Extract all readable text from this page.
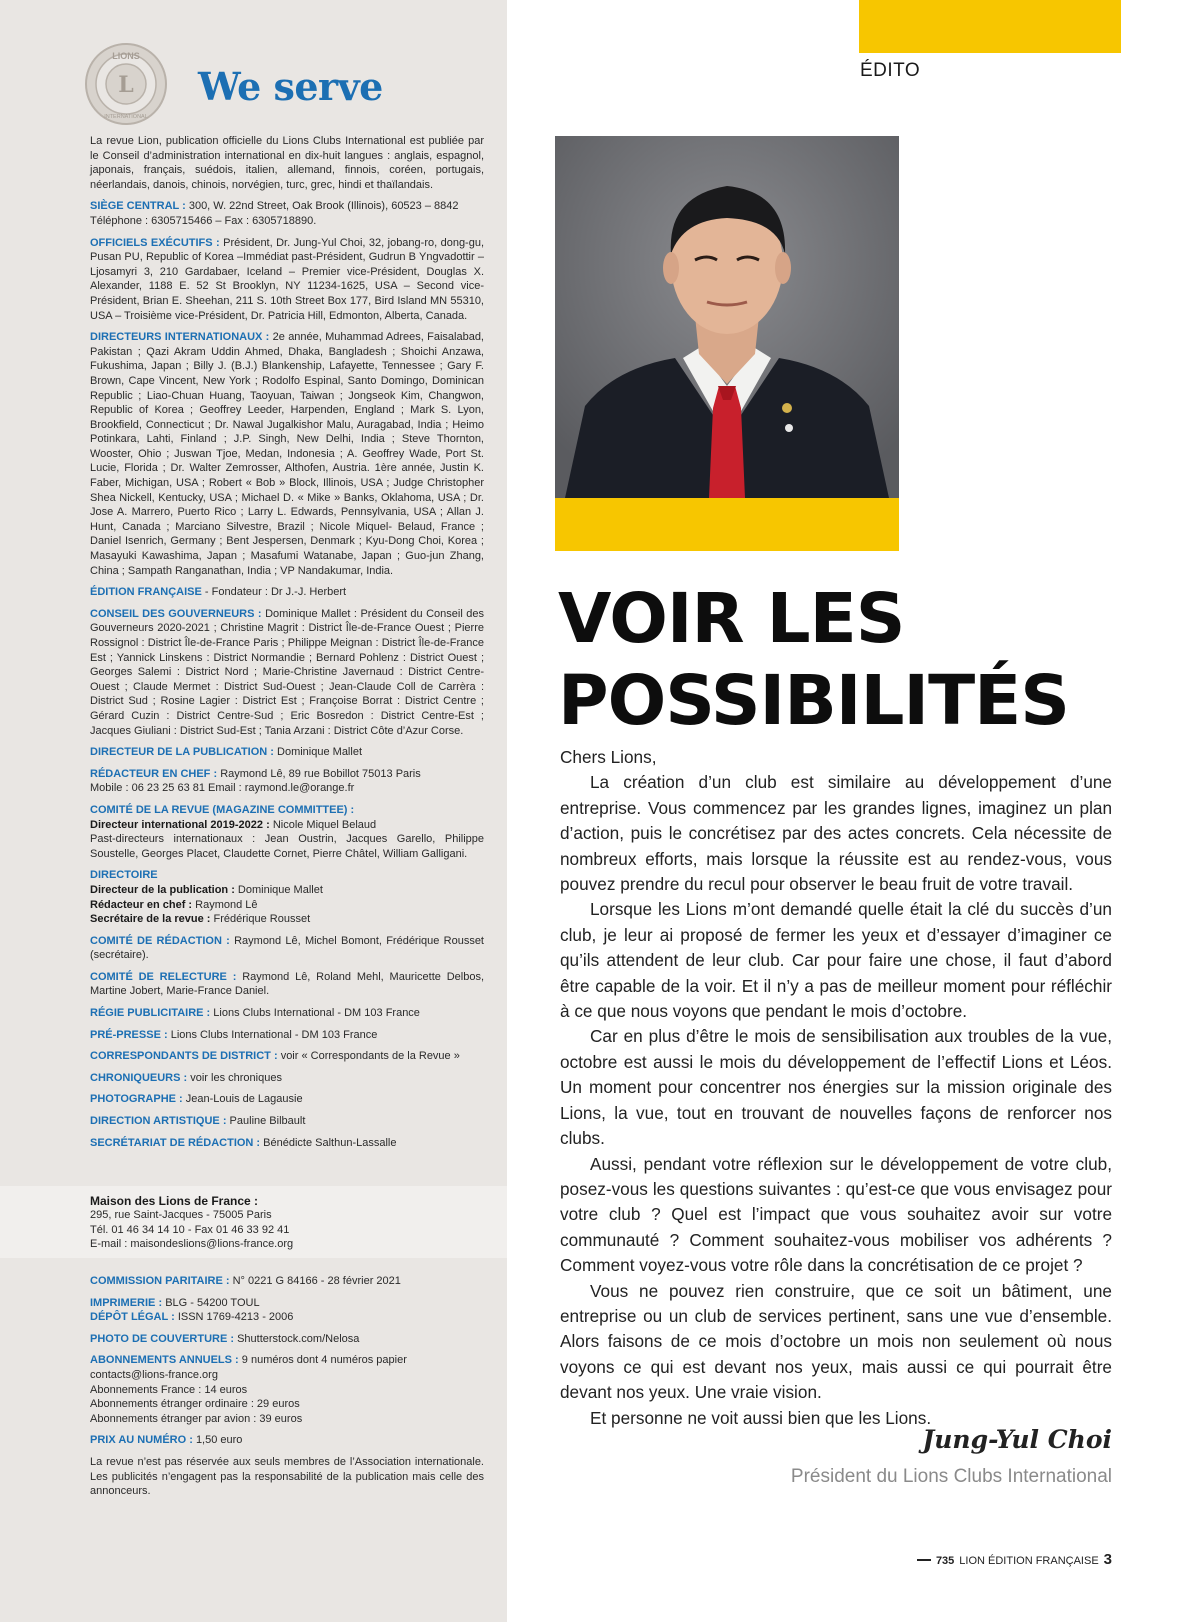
LIONS
L
INTERNATIONAL
We serve

La revue Lion, publication officielle du Lions Clubs International est publiée par le Conseil d’administration international en dix-huit langues : anglais, espagnol, japonais, français, suédois, italien, allemand, finnois, coréen, portugais, néerlandais, danois, chinois, norvégien, turc, grec, hindi et thaïlandais.

SIÈGE CENTRAL : 300, W. 22nd Street, Oak Brook (Illinois), 60523 – 8842
Téléphone : 6305715466 – Fax : 6305718890.

OFFICIELS EXÉCUTIFS : Président, Dr. Jung-Yul Choi, 32, jobang-ro, dong-gu, Pusan PU, Republic of Korea –Immédiat past-Président, Gudrun B Yngvadottir – Ljosamyri 3, 210 Gardabaer, Iceland – Premier vice-Président, Douglas X. Alexander, 1188 E. 52 St Brooklyn, NY 11234-1625, USA – Second vice-Président, Brian E. Sheehan, 211 S. 10th Street Box 177, Bird Island MN 55310, USA – Troisième vice-Président, Dr. Patricia Hill, Edmonton, Alberta, Canada.

DIRECTEURS INTERNATIONAUX : 2e année, Muhammad Adrees, Faisalabad, Pakistan ; Qazi Akram Uddin Ahmed, Dhaka, Bangladesh ; Shoichi Anzawa, Fukushima, Japan ; Billy J. (B.J.) Blankenship, Lafayette, Tennessee ; Gary F. Brown, Cape Vincent, New York ; Rodolfo Espinal, Santo Domingo, Dominican Republic ; Liao-Chuan Huang, Taoyuan, Taiwan ; Jongseok Kim, Changwon, Republic of Korea ; Geoffrey Leeder, Harpenden, England ; Mark S. Lyon, Brookfield, Connecticut ; Dr. Nawal Jugalkishor Malu, Auragabad, India ; Heimo Potinkara, Lahti, Finland ; J.P. Singh, New Delhi, India ; Steve Thornton, Wooster, Ohio ; Juswan Tjoe, Medan, Indonesia ; A. Geoffrey Wade, Port St. Lucie, Florida ; Dr. Walter Zemrosser, Althofen, Austria. 1ère année, Justin K. Faber, Michigan, USA ; Robert « Bob » Block, Illinois, USA ; Judge Christopher Shea Nickell, Kentucky, USA ; Michael D. « Mike » Banks, Oklahoma, USA ; Dr. Jose A. Marrero, Puerto Rico ; Larry L. Edwards, Pennsylvania, USA ; Allan J. Hunt, Canada ; Marciano Silvestre, Brazil ; Nicole Miquel- Belaud, France ; Daniel Isenrich, Germany ; Bent Jespersen, Denmark ; Kyu-Dong Choi, Korea ; Masayuki Kawashima, Japan ; Masafumi Watanabe, Japan ; Guo-jun Zhang, China ; Sampath Ranganathan, India ; VP Nandakumar, India.

ÉDITION FRANÇAISE - Fondateur : Dr J.-J. Herbert

CONSEIL DES GOUVERNEURS : Dominique Mallet : Président du Conseil des Gouverneurs 2020-2021 ; Christine Magrit : District Île-de-France Ouest ; Pierre Rossignol : District Île-de-France Paris ; Philippe Meignan : District Île-de-France Est ; Yannick Linskens : District Normandie ; Bernard Pohlenz : District Ouest ; Georges Salemi : District Nord ; Marie-Christine Javernaud : District Centre-Ouest ; Claude Mermet : District Sud-Ouest ; Jean-Claude Coll de Carrèra : District Sud ; Rosine Lagier : District Est ; Françoise Borrat : District Centre ; Gérard Cuzin : District Centre-Sud ; Eric Bosredon : District Centre-Est ; Jacques Giuliani : District Sud-Est ; Tania Arzani : District Côte d’Azur Corse.

DIRECTEUR DE LA PUBLICATION : Dominique Mallet

RÉDACTEUR EN CHEF : Raymond Lê, 89 rue Bobillot 75013 Paris
Mobile : 06 23 25 63 81 Email : raymond.le@orange.fr

COMITÉ DE LA REVUE (MAGAZINE COMMITTEE) :
Directeur international 2019-2022 : Nicole Miquel Belaud
Past-directeurs internationaux : Jean Oustrin, Jacques Garello, Philippe Soustelle, Georges Placet, Claudette Cornet, Pierre Châtel, William Galligani.

DIRECTOIRE
Directeur de la publication : Dominique Mallet
Rédacteur en chef : Raymond Lê
Secrétaire de la revue : Frédérique Rousset

COMITÉ DE RÉDACTION : Raymond Lê, Michel Bomont, Frédérique Rousset (secrétaire).

COMITÉ DE RELECTURE : Raymond Lê, Roland Mehl, Mauricette Delbos, Martine Jobert, Marie-France Daniel.

RÉGIE PUBLICITAIRE : Lions Clubs International - DM 103 France

PRÉ-PRESSE : Lions Clubs International - DM 103 France

CORRESPONDANTS DE DISTRICT : voir « Correspondants de la Revue »

CHRONIQUEURS : voir les chroniques

PHOTOGRAPHE : Jean-Louis de Lagausie

DIRECTION ARTISTIQUE : Pauline Bilbault

SECRÉTARIAT DE RÉDACTION : Bénédicte Salthun-Lassalle

Maison des Lions de France :
295, rue Saint-Jacques - 75005 Paris
Tél. 01 46 34 14 10 - Fax 01 46 33 92 41
E-mail : maisondeslions@lions-france.org

COMMISSION PARITAIRE : N° 0221 G 84166 - 28 février 2021

IMPRIMERIE : BLG - 54200 TOUL
DÉPÔT LÉGAL : ISSN 1769-4213 - 2006

PHOTO DE COUVERTURE : Shutterstock.com/Nelosa

ABONNEMENTS ANNUELS : 9 numéros dont 4 numéros papier
contacts@lions-france.org
Abonnements France : 14 euros
Abonnements étranger ordinaire : 29 euros
Abonnements étranger par avion : 39 euros

PRIX AU NUMÉRO : 1,50 euro

La revue n’est pas réservée aux seuls membres de l’Association internationale. Les publicités n’engagent pas la responsabilité de la publication mais celle des annonceurs.

ÉDITO
VOIR LES
POSSIBILITÉS

Chers Lions,

La création d’un club est similaire au développement d’une entreprise. Vous commencez par les grandes lignes, imaginez un plan d’action, puis le concrétisez par des actes concrets. Cela nécessite de nombreux efforts, mais lorsque la réussite est au rendez-vous, vous pouvez prendre du recul pour observer le beau fruit de votre travail.

Lorsque les Lions m’ont demandé quelle était la clé du succès d’un club, je leur ai proposé de fermer les yeux et d’essayer d’imaginer ce qu’ils attendent de leur club. Car pour faire une chose, il faut d’abord être capable de la voir. Et il n’y a pas de meilleur moment pour réfléchir à ce que nous voyons que pendant le mois d’octobre.

Car en plus d’être le mois de sensibilisation aux troubles de la vue, octobre est aussi le mois du développement de l’effectif Lions et Léos. Un moment pour concentrer nos énergies sur la mission originale des Lions, la vue, tout en trouvant de nouvelles façons de renforcer nos clubs.

Aussi, pendant votre réflexion sur le développement de votre club, posez-vous les questions suivantes : qu’est-ce que vous envisagez pour votre club ? Quel est l’impact que vous souhaitez avoir sur votre communauté ? Comment souhaitez-vous mobiliser vos adhérents ? Comment voyez-vous votre rôle dans la concrétisation de ce projet ?

Vous ne pouvez rien construire, que ce soit un bâtiment, une entreprise ou un club de services pertinent, sans une vue d’ensemble. Alors faisons de ce mois d’octobre un mois non seulement où nous voyons ce qui est devant nos yeux, mais aussi ce qui pourrait être devant nos yeux. Une vraie vision.

Et personne ne voit aussi bien que les Lions.

Jung-Yul Choi
Président du Lions Clubs International
735 LION ÉDITION FRANÇAISE 3
